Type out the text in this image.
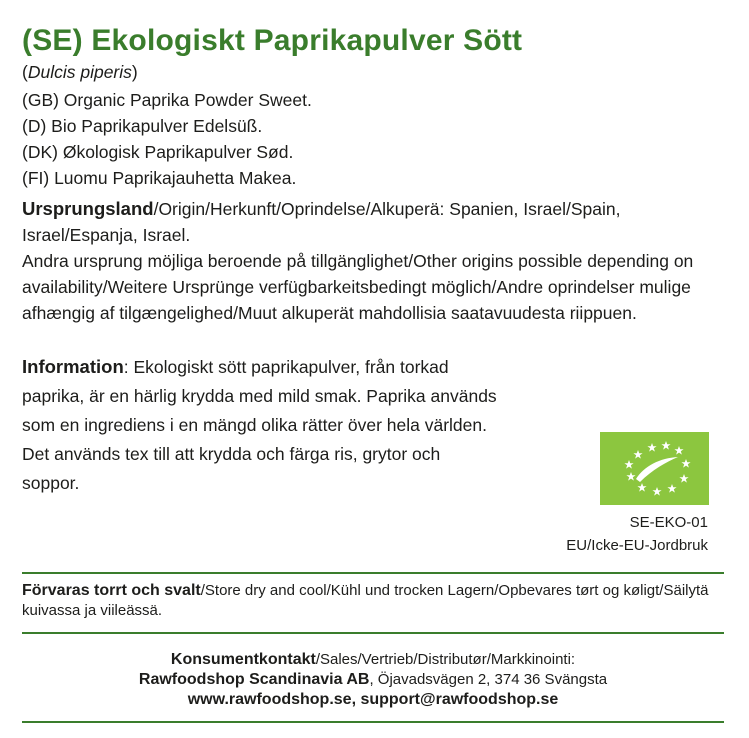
(SE) Ekologiskt Paprikapulver Sött
(Dulcis piperis)
(GB) Organic Paprika Powder Sweet.
(D) Bio Paprikapulver Edelsüß.
(DK) Økologisk Paprikapulver Sød.
(FI) Luomu Paprikajauhetta Makea.
Ursprungsland/Origin/Herkunft/Oprindelse/Alkuperä: Spanien, Israel/Spain, Israel/Espanja, Israel.
Andra ursprung möjliga beroende på tillgänglighet/Other origins possible depending on availability/Weitere Ursprünge verfügbarkeitsbedingt möglich/Andre oprindelser mulige afhængig af tilgængelighed/Muut alkuperät mahdollisia saatavuudesta riippuen.
Information: Ekologiskt sött paprikapulver, från torkad paprika, är en härlig krydda med mild smak. Paprika används som en ingrediens i en mängd olika rätter över hela världen. Det används tex till att krydda och färga ris, grytor och soppor.
SE-EKO-01
EU/Icke-EU-Jordbruk
Förvaras torrt och svalt/Store dry and cool/Kühl und trocken Lagern/Opbevares tørt og køligt/Säilytä kuivassa ja viileässä.
Konsumentkontakt/Sales/Vertrieb/Distributør/Markkinointi:
Rawfoodshop Scandinavia AB, Öjavadsvägen 2, 374 36 Svängsta
www.rawfoodshop.se, support@rawfoodshop.se
